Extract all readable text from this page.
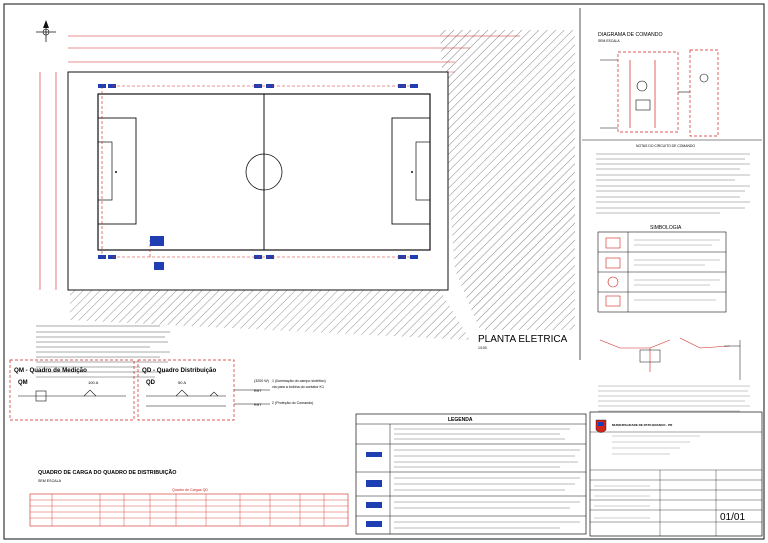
PLANTA ELETRICA
1/100
DIAGRAMA DE COMANDO
SEM ESCALA
NOTAS DO CIRCUITO DE COMANDO
SIMBOLOGIA
QM - Quadro de Medição
QM	100 A
QD - Quadro Distribuição
QD	50 A	(3200 W)
RHT
1 (Iluminação do campo sintético)
via para a bobina do contator K1
RHT	2 (Proteção do Comando)
LEGENDA
QUADRO DE CARGA DO QUADRO DE DISTRIBUIÇÃO
SEM ESCALA
Quadro de Cargas QD
MUNICIPALIDADE DE PATO BRANCO - PR
01/01
